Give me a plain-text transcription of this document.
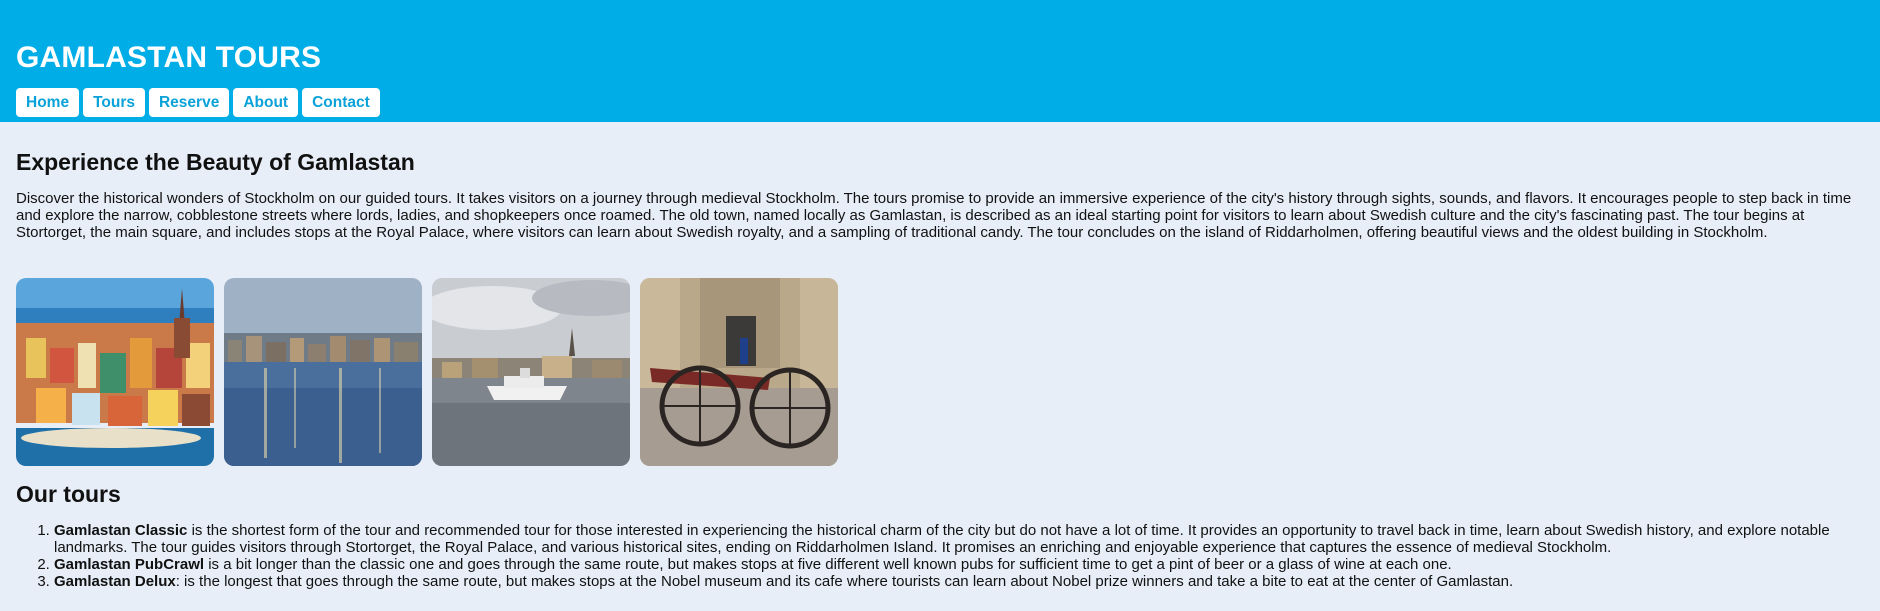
GAMLASTAN TOURS
Home	Tours	Reserve	About	Contact
Experience the Beauty of Gamlastan

Discover the historical wonders of Stockholm on our guided tours. It takes visitors on a journey through medieval Stockholm. The tours promise to provide an immersive experience of the city's history through sights, sounds, and flavors. It encourages people to step back in time and explore the narrow, cobblestone streets where lords, ladies, and shopkeepers once roamed. The old town, named locally as Gamlastan, is described as an ideal starting point for visitors to learn about Swedish culture and the city's fascinating past. The tour begins at Stortorget, the main square, and includes stops at the Royal Palace, where visitors can learn about Swedish royalty, and a sampling of traditional candy. The tour concludes on the island of Riddarholmen, offering beautiful views and the oldest building in Stockholm.

Our tours
1. Gamlastan Classic is the shortest form of the tour and recommended tour for those interested in experiencing the historical charm of the city but do not have a lot of time. It provides an opportunity to travel back in time, learn about Swedish history, and explore notable landmarks. The tour guides visitors through Stortorget, the Royal Palace, and various historical sites, ending on Riddarholmen Island. It promises an enriching and enjoyable experience that captures the essence of medieval Stockholm.
2. Gamlastan PubCrawl is a bit longer than the classic one and goes through the same route, but makes stops at five different well known pubs for sufficient time to get a pint of beer or a glass of wine at each one.
3. Gamlastan Delux: is the longest that goes through the same route, but makes stops at the Nobel museum and its cafe where tourists can learn about Nobel prize winners and take a bite to eat at the center of Gamlastan.
